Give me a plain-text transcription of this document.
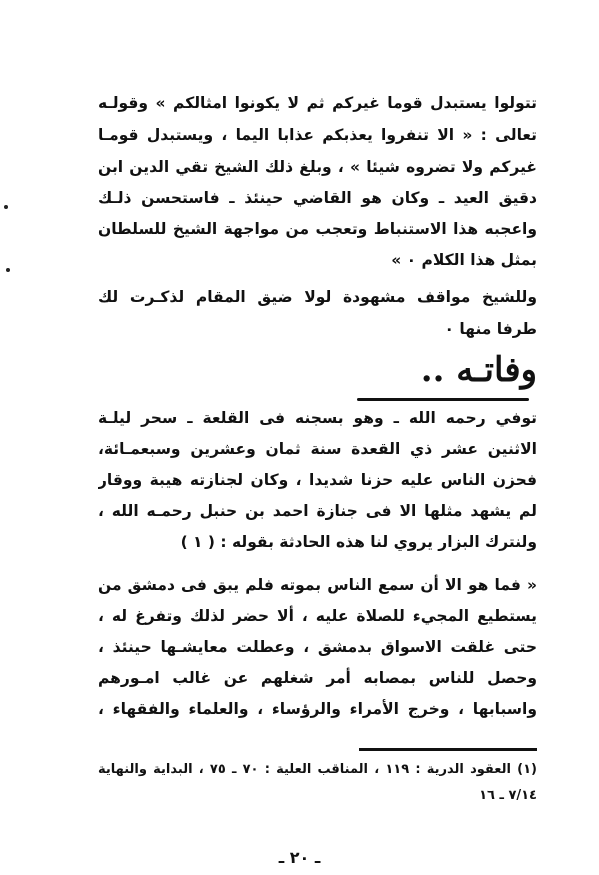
تتولوا يستبدل قوما غيركم ثم لا يكونوا امثالكم » وقولـه
تعالى : « الا تنفروا يعذبكم عذابا اليما ، ويستبدل قومـا
غيركم ولا تضروه شيئا » ، وبلغ ذلك الشيخ تقي الدين ابن
دقيق العيد ـ وكان هو القاضي حينئذ ـ فاستحسن ذلـك
واعجبه هذا الاستنباط وتعجب من مواجهة الشيخ للسلطان
بمثل هذا الكلام ٠ »
وللشيخ مواقف مشهودة لولا ضيق المقام لذكـرت لك
طرفا منها ٠
وفاتـه ..
توفي رحمه الله ـ وهو بسجنه فى القلعة ـ سحر ليلـة
الاثنين عشر ذي القعدة سنة ثمان وعشرين وسبعمـائة،
فحزن الناس عليه حزنا شديدا ، وكان لجنازته هيبة ووقار
لم يشهد مثلها الا فى جنازة احمد بن حنبل رحمـه الله ،
ولنترك البزار يروي لنا هذه الحادثة بقوله : ( ١ )
« فما هو الا أن سمع الناس بموته فلم يبق فى دمشق من
يستطيع المجيء للصلاة عليه ، ألا حضر لذلك وتفرغ له ،
حتى غلقت الاسواق بدمشق ، وعطلت معايشـها حينئذ ،
وحصل للناس بمصابه أمر شغلهم عن غالب امـورهم
واسبابها ، وخرج الأمراء والرؤساء ، والعلماء والفقهاء ،
(١) العقود الدرية : ١١٩ ، المناقب العلية : ٧٠ ـ ٧٥ ، البداية والنهاية
٧/١٤ ـ ١٦
ـ ٢٠ ـ
